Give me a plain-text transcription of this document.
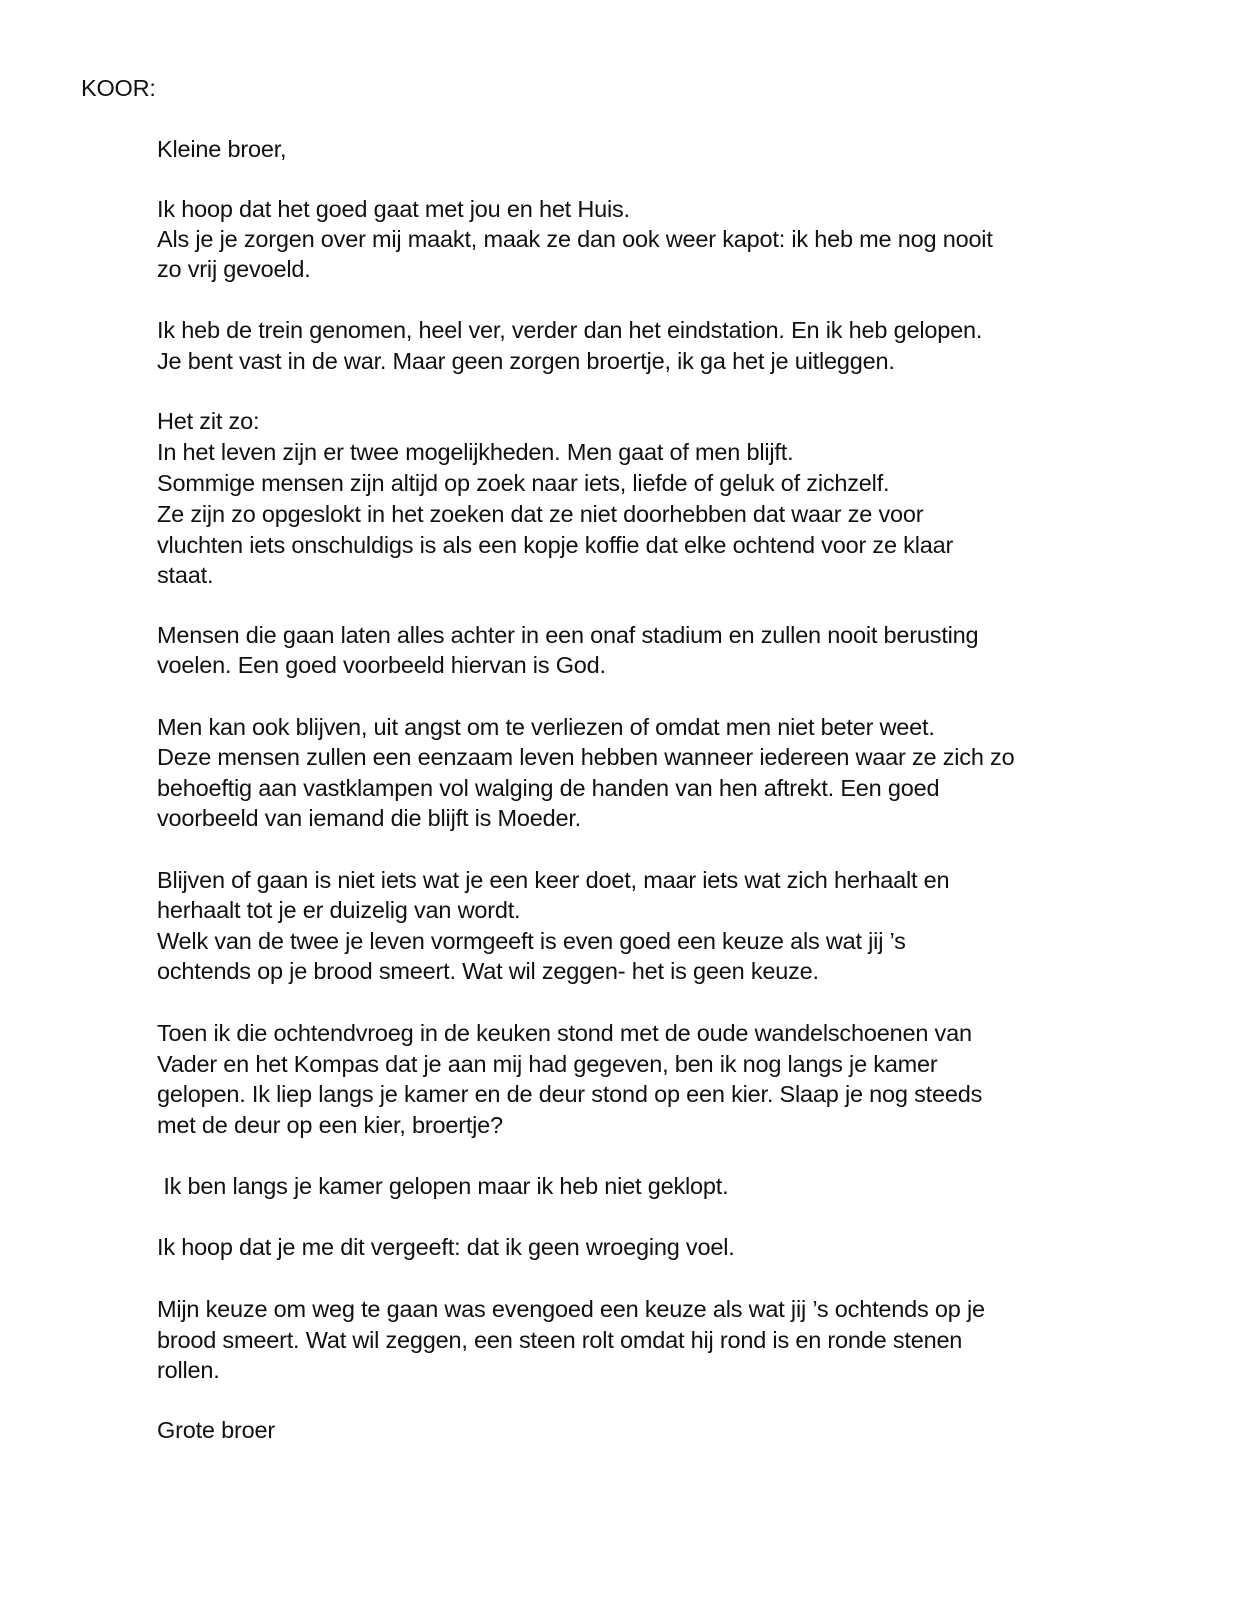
KOOR:
Kleine broer,
Ik hoop dat het goed gaat met jou en het Huis.
Als je je zorgen over mij maakt, maak ze dan ook weer kapot: ik heb me nog nooit
zo vrij gevoeld.
Ik heb de trein genomen, heel ver, verder dan het eindstation. En ik heb gelopen.
Je bent vast in de war. Maar geen zorgen broertje, ik ga het je uitleggen.
Het zit zo:
In het leven zijn er twee mogelijkheden. Men gaat of men blijft.
Sommige mensen zijn altijd op zoek naar iets, liefde of geluk of zichzelf.
Ze zijn zo opgeslokt in het zoeken dat ze niet doorhebben dat waar ze voor
vluchten iets onschuldigs is als een kopje koffie dat elke ochtend voor ze klaar
staat.
Mensen die gaan laten alles achter in een onaf stadium en zullen nooit berusting
voelen. Een goed voorbeeld hiervan is God.
Men kan ook blijven, uit angst om te verliezen of omdat men niet beter weet.
Deze mensen zullen een eenzaam leven hebben wanneer iedereen waar ze zich zo
behoeftig aan vastklampen vol walging de handen van hen aftrekt. Een goed
voorbeeld van iemand die blijft is Moeder.
Blijven of gaan is niet iets wat je een keer doet, maar iets wat zich herhaalt en
herhaalt tot je er duizelig van wordt.
Welk van de twee je leven vormgeeft is even goed een keuze als wat jij ’s
ochtends op je brood smeert. Wat wil zeggen- het is geen keuze.
Toen ik die ochtendvroeg in de keuken stond met de oude wandelschoenen van
Vader en het Kompas dat je aan mij had gegeven, ben ik nog langs je kamer
gelopen. Ik liep langs je kamer en de deur stond op een kier. Slaap je nog steeds
met de deur op een kier, broertje?
Ik ben langs je kamer gelopen maar ik heb niet geklopt.
Ik hoop dat je me dit vergeeft: dat ik geen wroeging voel.
Mijn keuze om weg te gaan was evengoed een keuze als wat jij ’s ochtends op je
brood smeert. Wat wil zeggen, een steen rolt omdat hij rond is en ronde stenen
rollen.
Grote broer
